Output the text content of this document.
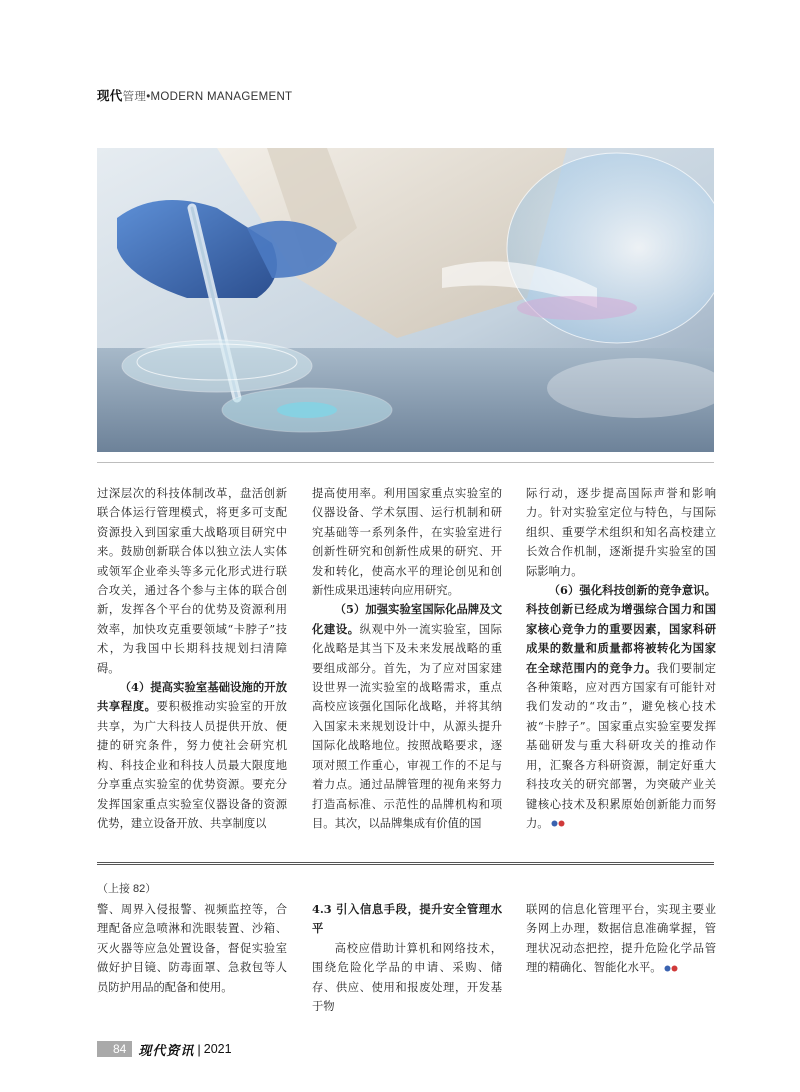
现代管理•MODERN MANAGEMENT

过深层次的科技体制改革，盘活创新联合体运行管理模式，将更多可支配资源投入到国家重大战略项目研究中来。鼓励创新联合体以独立法人实体或领军企业牵头等多元化形式进行联合攻关，通过各个参与主体的联合创新，发挥各个平台的优势及资源利用效率，加快攻克重要领域“卡脖子”技术，为我国中长期科技规划扫清障碍。

（4）提高实验室基础设施的开放共享程度。要积极推动实验室的开放共享，为广大科技人员提供开放、便捷的研究条件，努力使社会研究机构、科技企业和科技人员最大限度地分享重点实验室的优势资源。要充分发挥国家重点实验室仪器设备的资源优势，建立设备开放、共享制度以

提高使用率。利用国家重点实验室的仪器设备、学术氛围、运行机制和研究基础等一系列条件，在实验室进行创新性研究和创新性成果的研究、开发和转化，使高水平的理论创见和创新性成果迅速转向应用研究。

（5）加强实验室国际化品牌及文化建设。纵观中外一流实验室，国际化战略是其当下及未来发展战略的重要组成部分。首先，为了应对国家建设世界一流实验室的战略需求，重点高校应该强化国际化战略，并将其纳入国家未来规划设计中，从源头提升国际化战略地位。按照战略要求，逐项对照工作重心，审视工作的不足与着力点。通过品牌管理的视角来努力打造高标准、示范性的品牌机构和项目。其次，以品牌集成有价值的国

际行动，逐步提高国际声誉和影响力。针对实验室定位与特色，与国际组织、重要学术组织和知名高校建立长效合作机制，逐渐提升实验室的国际影响力。

（6）强化科技创新的竞争意识。科技创新已经成为增强综合国力和国家核心竞争力的重要因素，国家科研成果的数量和质量都将被转化为国家在全球范围内的竞争力。我们要制定各种策略，应对西方国家有可能针对我们发动的“攻击”，避免核心技术被“卡脖子”。国家重点实验室要发挥基础研发与重大科研攻关的推动作用，汇聚各方科研资源，制定好重大科技攻关的研究部署，为突破产业关键核心技术及积累原始创新能力而努力。

（上接 82）

警、周界入侵报警、视频监控等，合理配备应急喷淋和洗眼装置、沙箱、灭火器等应急处置设备，督促实验室做好护目镜、防毒面罩、急救包等人员防护用品的配备和使用。

4.3 引入信息手段，提升安全管理水平

高校应借助计算机和网络技术，围绕危险化学品的申请、采购、储存、供应、使用和报废处理，开发基于物

联网的信息化管理平台，实现主要业务网上办理，数据信息准确掌握，管理状况动态把控，提升危险化学品管理的精确化、智能化水平。

84 现代资讯 | 2021
